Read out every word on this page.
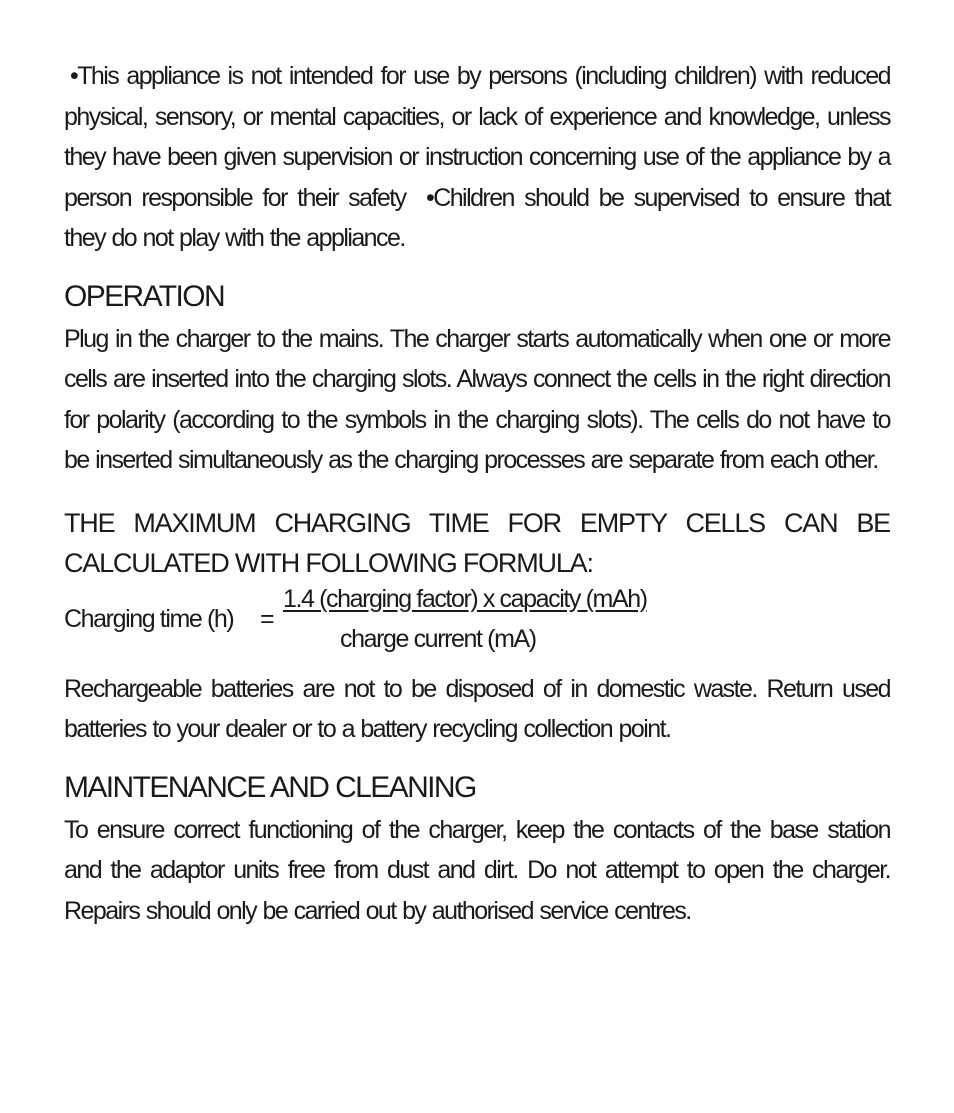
•This appliance is not intended for use by persons (including children) with reduced physical, sensory, or mental capacities, or lack of experience and knowledge, unless they have been given supervision or instruction concerning use of the appliance by a person responsible for their safety •Children should be supervised to ensure that they do not play with the appliance.

OPERATION

Plug in the charger to the mains. The charger starts automatically when one or more cells are inserted into the charging slots. Always connect the cells in the right direction for polarity (according to the symbols in the charging slots). The cells do not have to be inserted simultaneously as the charging processes are separate from each other.

THE MAXIMUM CHARGING TIME FOR EMPTY CELLS CAN BE CALCULATED WITH FOLLOWING FORMULA:
Charging time (h) =
1.4 (charging factor) x capacity (mAh)
charge current (mA)

Rechargeable batteries are not to be disposed of in domestic waste. Return used batteries to your dealer or to a battery recycling collection point.

MAINTENANCE AND CLEANING

To ensure correct functioning of the charger, keep the contacts of the base station and the adaptor units free from dust and dirt. Do not attempt to open the charger. Repairs should only be carried out by authorised service centres.
